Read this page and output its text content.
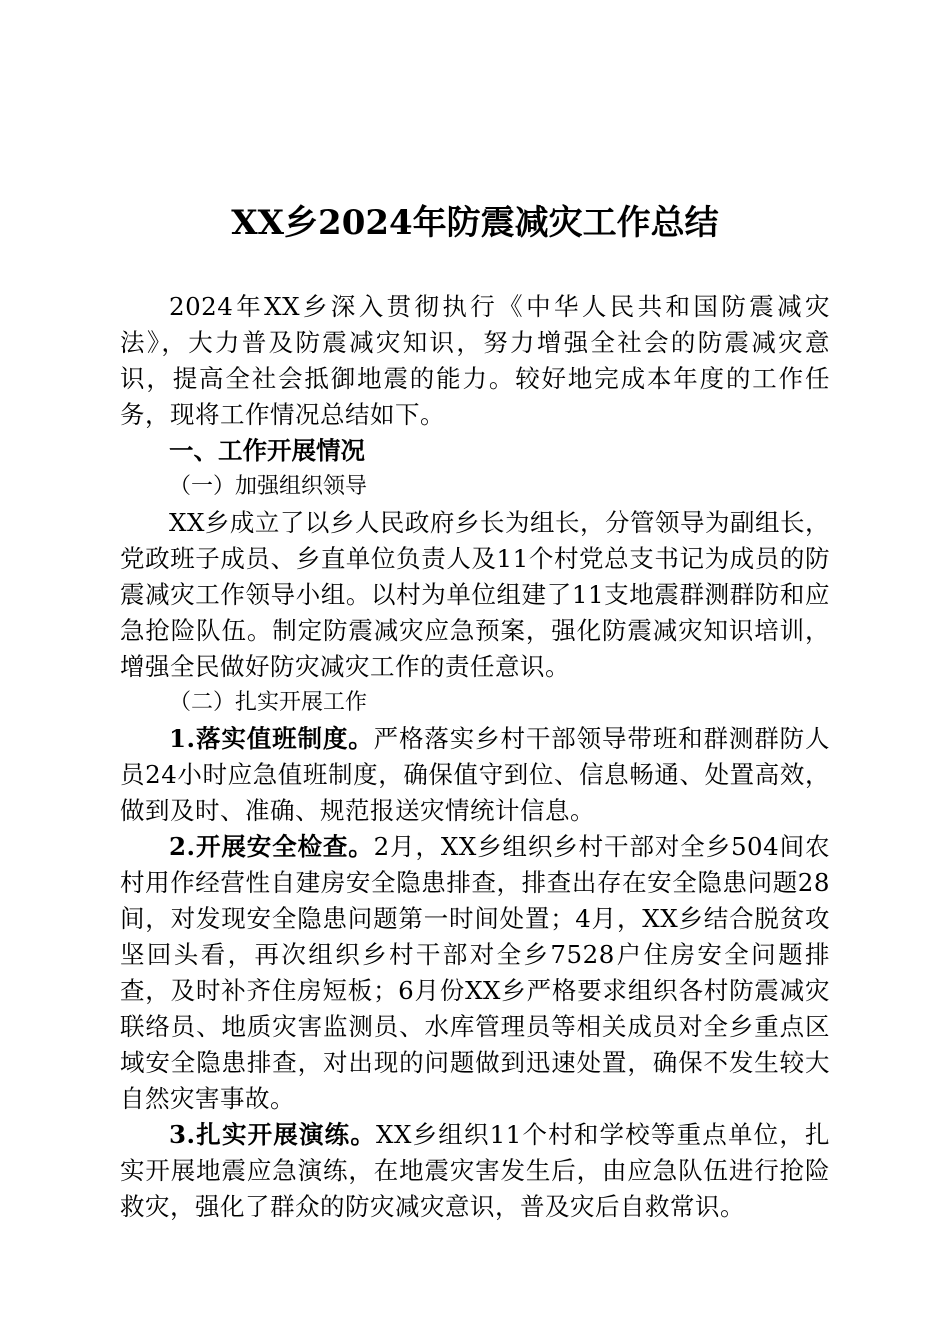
XX乡2024年防震减灾工作总结

2024年XX乡深入贯彻执行《中华人民共和国防震减灾法》，大力普及防震减灾知识，努力增强全社会的防震减灾意识，提高全社会抵御地震的能力。较好地完成本年度的工作任务，现将工作情况总结如下。

一、工作开展情况

（一）加强组织领导

XX乡成立了以乡人民政府乡长为组长，分管领导为副组长，党政班子成员、乡直单位负责人及11个村党总支书记为成员的防震减灾工作领导小组。以村为单位组建了11支地震群测群防和应急抢险队伍。制定防震减灾应急预案，强化防震减灾知识培训，增强全民做好防灾减灾工作的责任意识。

（二）扎实开展工作

1.落实值班制度。严格落实乡村干部领导带班和群测群防人员24小时应急值班制度，确保值守到位、信息畅通、处置高效，做到及时、准确、规范报送灾情统计信息。

2.开展安全检查。2月，XX乡组织乡村干部对全乡504间农村用作经营性自建房安全隐患排查，排查出存在安全隐患问题28间，对发现安全隐患问题第一时间处置；4月，XX乡结合脱贫攻坚回头看，再次组织乡村干部对全乡7528户住房安全问题排查，及时补齐住房短板；6月份XX乡严格要求组织各村防震减灾联络员、地质灾害监测员、水库管理员等相关成员对全乡重点区域安全隐患排查，对出现的问题做到迅速处置，确保不发生较大自然灾害事故。

3.扎实开展演练。XX乡组织11个村和学校等重点单位，扎实开展地震应急演练，在地震灾害发生后，由应急队伍进行抢险救灾，强化了群众的防灾减灾意识，普及灾后自救常识。
